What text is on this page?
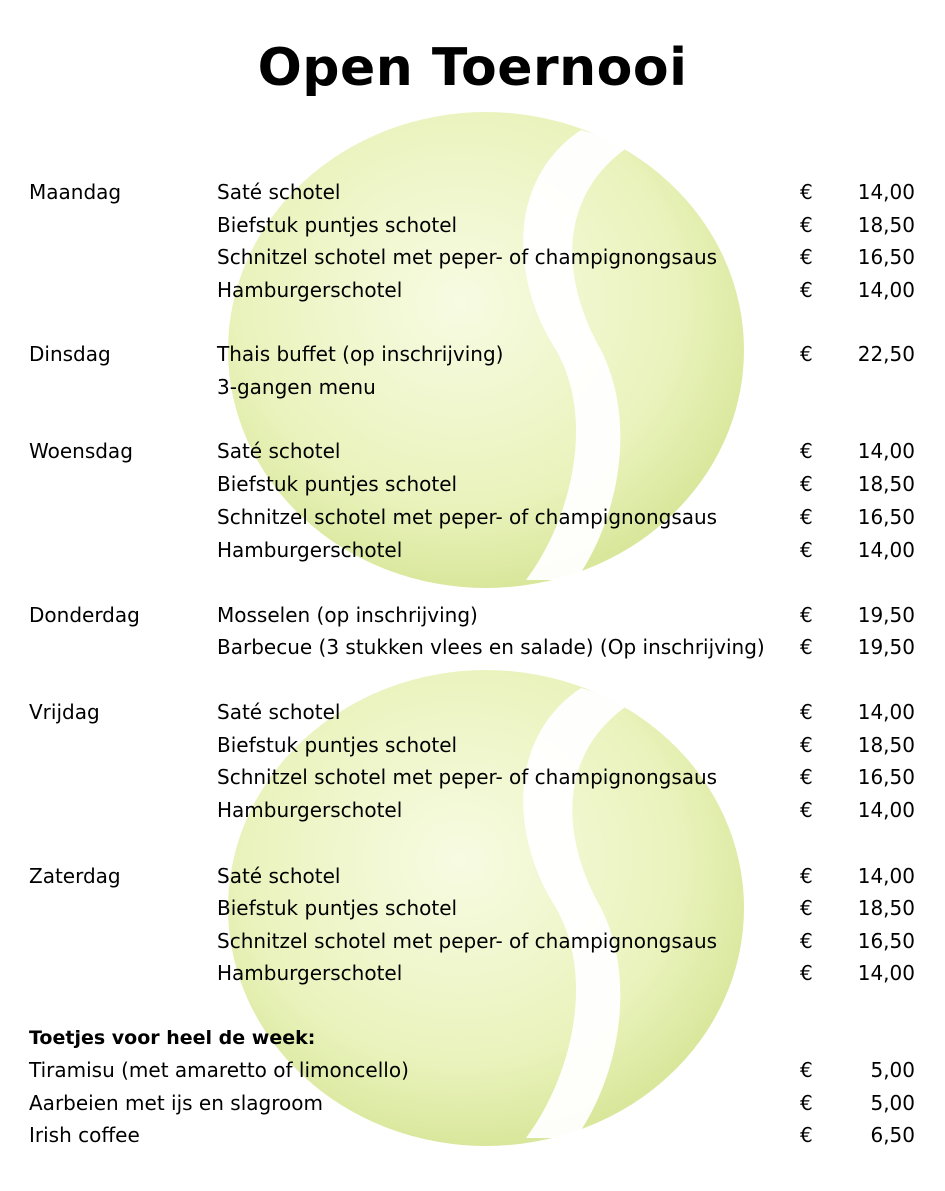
Open Toernooi
Maandag	Saté schotel	€ 14,00
Biefstuk puntjes schotel	€ 18,50
Schnitzel schotel met peper- of champignongsaus	€ 16,50
Hamburgerschotel	€ 14,00
Dinsdag	Thais buffet (op inschrijving)	€ 22,50
3-gangen menu
Woensdag	Saté schotel	€ 14,00
Biefstuk puntjes schotel	€ 18,50
Schnitzel schotel met peper- of champignongsaus	€ 16,50
Hamburgerschotel	€ 14,00
Donderdag	Mosselen (op inschrijving)	€ 19,50
Barbecue (3 stukken vlees en salade) (Op inschrijving) € 19,50
Vrijdag	Saté schotel	€ 14,00
Biefstuk puntjes schotel	€ 18,50
Schnitzel schotel met peper- of champignongsaus	€ 16,50
Hamburgerschotel	€ 14,00
Zaterdag	Saté schotel	€ 14,00
Biefstuk puntjes schotel	€ 18,50
Schnitzel schotel met peper- of champignongsaus	€ 16,50
Hamburgerschotel	€ 14,00
Toetjes voor heel de week:
Tiramisu (met amaretto of limoncello)	€	5,00
Aarbeien met ijs en slagroom	€	5,00
Irish coffee	€	6,50
